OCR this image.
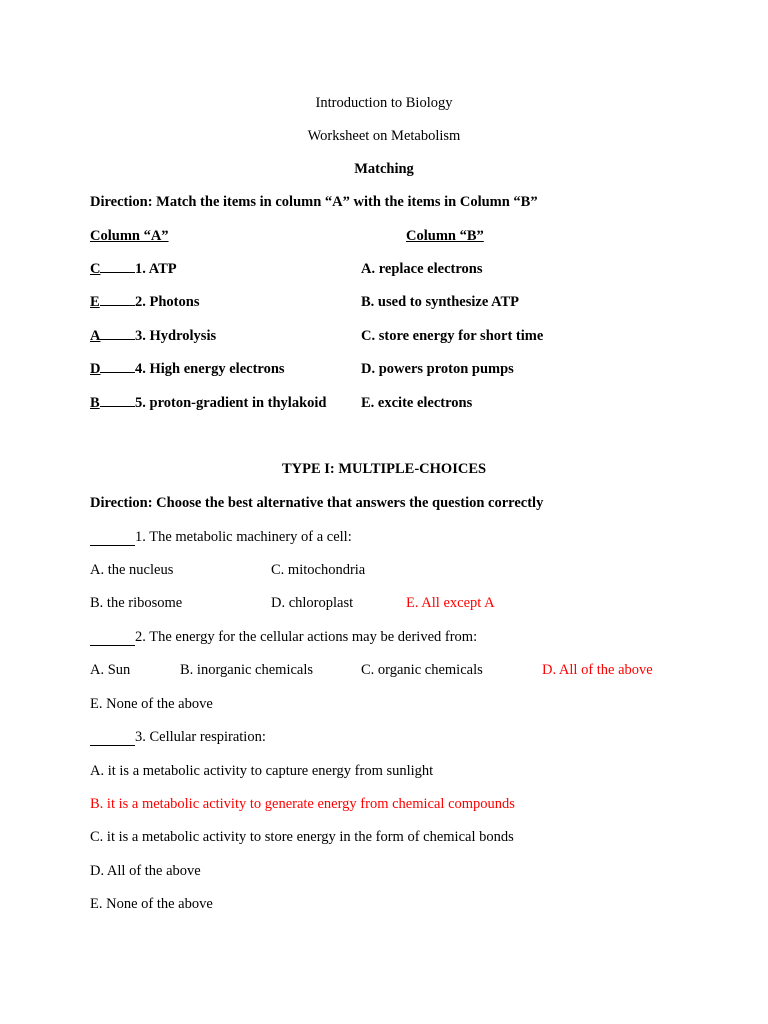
Introduction to Biology
Worksheet on Metabolism
Matching
Direction: Match the items in column “A” with the items in Column “B”
Column “A”	Column “B”
C 1. ATP	A. replace electrons
E 2. Photons	B. used to synthesize ATP
A 3. Hydrolysis	C. store energy for short time
D 4. High energy electrons	D. powers proton pumps
B 5. proton-gradient in thylakoid E. excite electrons
TYPE I: MULTIPLE-CHOICES
Direction: Choose the best alternative that answers the question correctly
1. The metabolic machinery of a cell:
A. the nucleus	C. mitochondria
B. the ribosome	D. chloroplast	E. All except A
2. The energy for the cellular actions may be derived from:
A. Sun	B. inorganic chemicals	C. organic chemicals	D. All of the above
E. None of the above
3. Cellular respiration:
A. it is a metabolic activity to capture energy from sunlight
B. it is a metabolic activity to generate energy from chemical compounds
C. it is a metabolic activity to store energy in the form of chemical bonds
D. All of the above
E. None of the above
